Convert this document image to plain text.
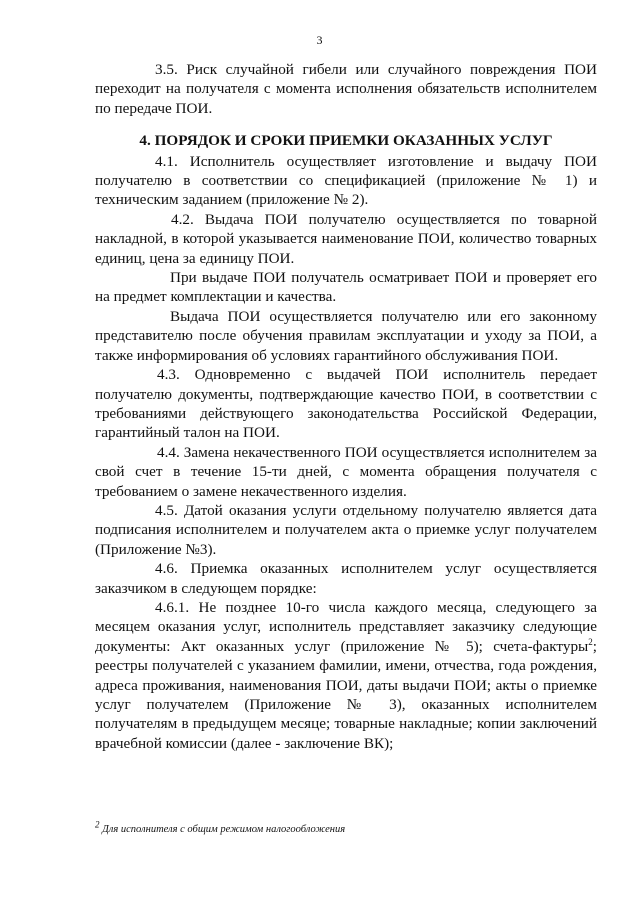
3

3.5. Риск случайной гибели или случайного повреждения ПОИ переходит на получателя с момента исполнения обязательств исполнителем по передаче ПОИ.

4. ПОРЯДОК И СРОКИ ПРИЕМКИ ОКАЗАННЫХ УСЛУГ

4.1. Исполнитель осуществляет изготовление и выдачу ПОИ получателю в соответствии со спецификацией (приложение № 1) и техническим заданием (приложение № 2).

4.2. Выдача ПОИ получателю осуществляется по товарной накладной, в которой указывается наименование ПОИ, количество товарных единиц, цена за единицу ПОИ.

При выдаче ПОИ получатель осматривает ПОИ и проверяет его на предмет комплектации и качества.

Выдача ПОИ осуществляется получателю или его законному представителю после обучения правилам эксплуатации и уходу за ПОИ, а также информирования об условиях гарантийного обслуживания ПОИ.

4.3. Одновременно с выдачей ПОИ исполнитель передает получателю документы, подтверждающие качество ПОИ, в соответствии с требованиями действующего законодательства Российской Федерации, гарантийный талон на ПОИ.

4.4. Замена некачественного ПОИ осуществляется исполнителем за свой счет в течение 15-ти дней, с момента обращения получателя с требованием о замене некачественного изделия.

4.5. Датой оказания услуги отдельному получателю является дата подписания исполнителем и получателем акта о приемке услуг получателем (Приложение №3).

4.6. Приемка оказанных исполнителем услуг осуществляется заказчиком в следующем порядке:

4.6.1. Не позднее 10-го числа каждого месяца, следующего за месяцем оказания услуг, исполнитель представляет заказчику следующие документы: Акт оказанных услуг (приложение № 5); счета-фактуры$^2$; реестры получателей с указанием фамилии, имени, отчества, года рождения, адреса проживания, наименования ПОИ, даты выдачи ПОИ; акты о приемке услуг получателем (Приложение № 3), оказанных исполнителем получателям в предыдущем месяце; товарные накладные; копии заключений врачебной комиссии (далее - заключение ВК);

$^2$ Для исполнителя с общим режимом налогообложения
